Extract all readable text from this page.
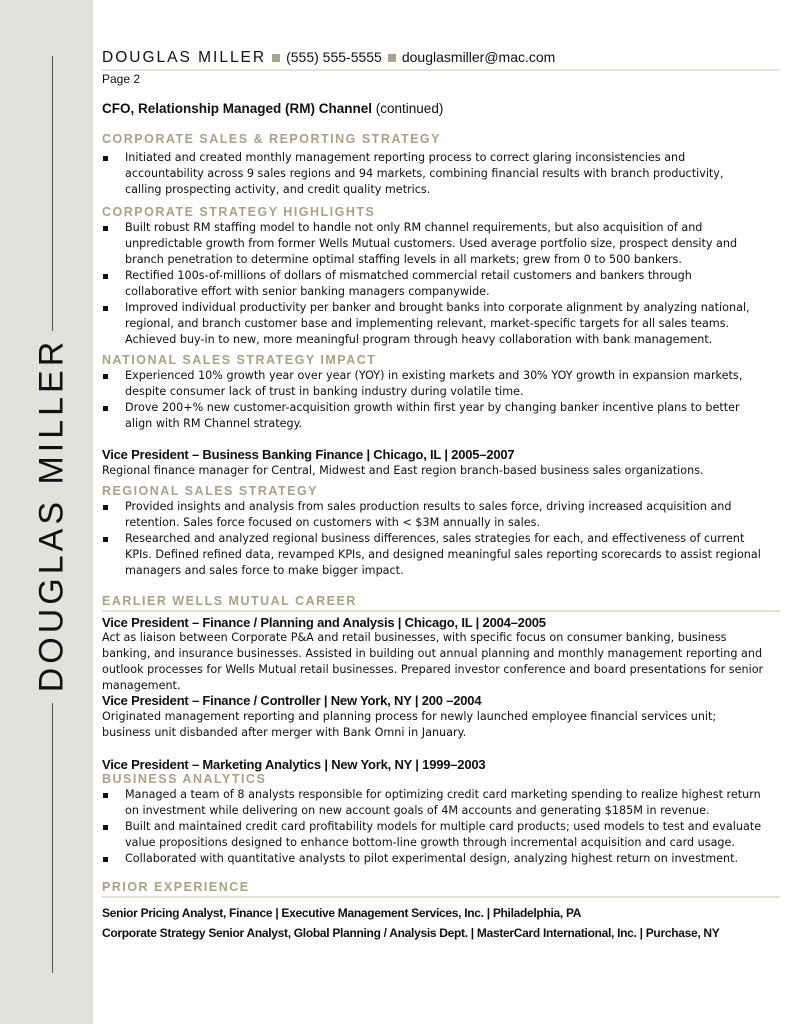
DOUGLAS MILLER
DOUGLAS MILLER (555) 555-5555 douglasmiller@mac.com
Page 2
CFO, Relationship Managed (RM) Channel (continued)
CORPORATE SALES & REPORTING STRATEGY
Initiated and created monthly management reporting process to correct glaring inconsistencies and accountability across 9 sales regions and 94 markets, combining financial results with branch productivity, calling prospecting activity, and credit quality metrics.
CORPORATE STRATEGY HIGHLIGHTS
Built robust RM staffing model to handle not only RM channel requirements, but also acquisition of and unpredictable growth from former Wells Mutual customers. Used average portfolio size, prospect density and branch penetration to determine optimal staffing levels in all markets; grew from 0 to 500 bankers.
Rectified 100s-of-millions of dollars of mismatched commercial retail customers and bankers through collaborative effort with senior banking managers companywide.
Improved individual productivity per banker and brought banks into corporate alignment by analyzing national, regional, and branch customer base and implementing relevant, market-specific targets for all sales teams. Achieved buy-in to new, more meaningful program through heavy collaboration with bank management.
NATIONAL SALES STRATEGY IMPACT
Experienced 10% growth year over year (YOY) in existing markets and 30% YOY growth in expansion markets, despite consumer lack of trust in banking industry during volatile time.
Drove 200+% new customer-acquisition growth within first year by changing banker incentive plans to better align with RM Channel strategy.
Vice President – Business Banking Finance | Chicago, IL | 2005–2007
Regional finance manager for Central, Midwest and East region branch-based business sales organizations.
REGIONAL SALES STRATEGY
Provided insights and analysis from sales production results to sales force, driving increased acquisition and retention. Sales force focused on customers with < $3M annually in sales.
Researched and analyzed regional business differences, sales strategies for each, and effectiveness of current KPIs. Defined refined data, revamped KPIs, and designed meaningful sales reporting scorecards to assist regional managers and sales force to make bigger impact.
EARLIER WELLS MUTUAL CAREER
Vice President – Finance / Planning and Analysis | Chicago, IL | 2004–2005
Act as liaison between Corporate P&A and retail businesses, with specific focus on consumer banking, business banking, and insurance businesses. Assisted in building out annual planning and monthly management reporting and outlook processes for Wells Mutual retail businesses. Prepared investor conference and board presentations for senior management.
Vice President – Finance / Controller | New York, NY | 200 –2004
Originated management reporting and planning process for newly launched employee financial services unit; business unit disbanded after merger with Bank Omni in January.
Vice President – Marketing Analytics | New York, NY | 1999–2003
BUSINESS ANALYTICS
Managed a team of 8 analysts responsible for optimizing credit card marketing spending to realize highest return on investment while delivering on new account goals of 4M accounts and generating $185M in revenue.
Built and maintained credit card profitability models for multiple card products; used models to test and evaluate value propositions designed to enhance bottom-line growth through incremental acquisition and card usage.
Collaborated with quantitative analysts to pilot experimental design, analyzing highest return on investment.
PRIOR EXPERIENCE
Senior Pricing Analyst, Finance | Executive Management Services, Inc. | Philadelphia, PA
Corporate Strategy Senior Analyst, Global Planning / Analysis Dept. | MasterCard International, Inc. | Purchase, NY
